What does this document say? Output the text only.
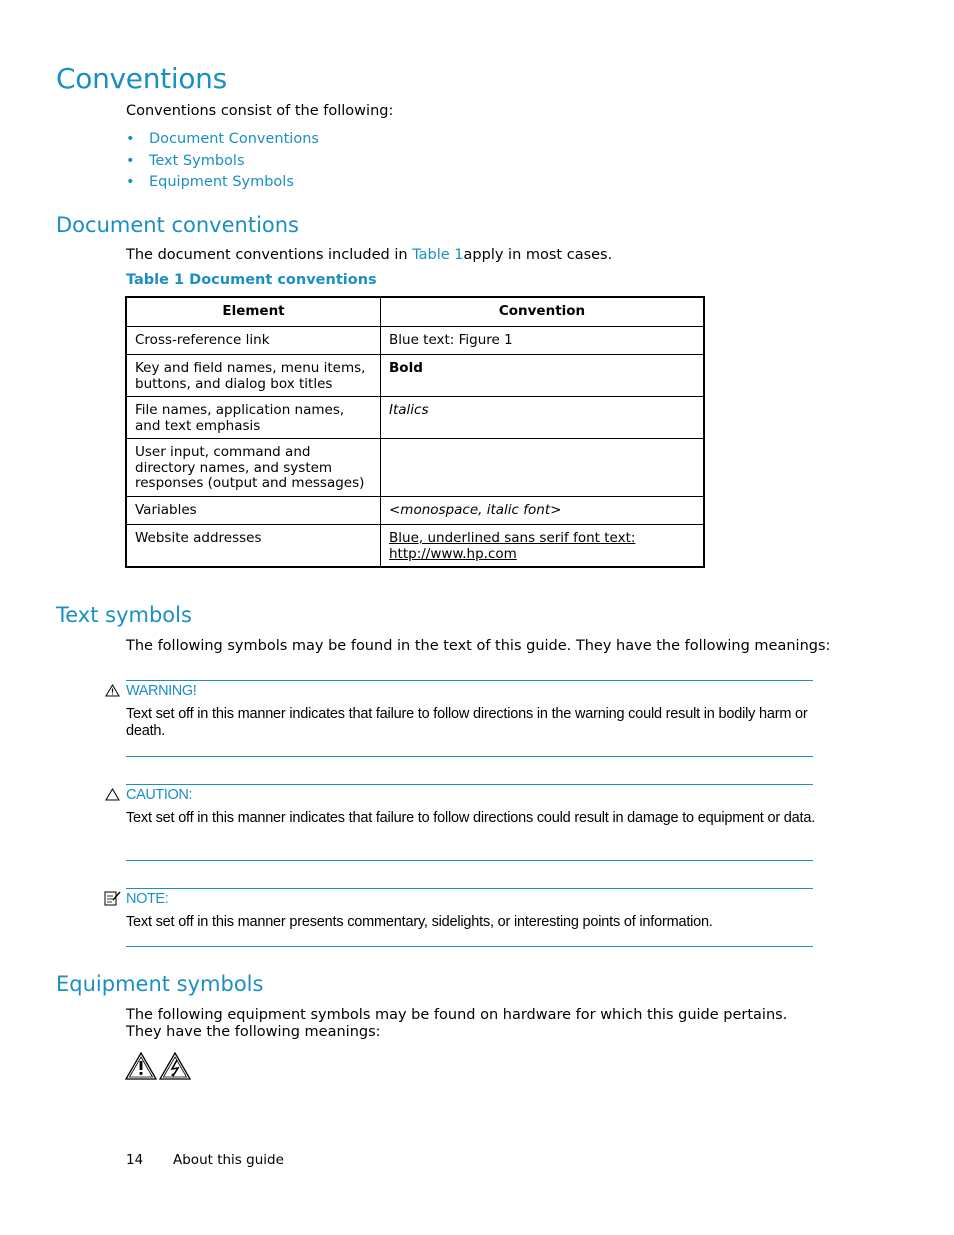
Conventions
Conventions consist of the following:
• Document Conventions
• Text Symbols
• Equipment Symbols
Document conventions
The document conventions included in Table 1apply in most cases.
Table 1 Document conventions
Element	Convention
Cross-reference link	Blue text: Figure 1
Key and field names, menu items, buttons, and dialog box titles	Bold
File names, application names, and text emphasis	Italics
User input, command and directory names, and system responses (output and messages)	
Variables	<monospace, italic font>
Website addresses	Blue, underlined sans serif font text: http://www.hp.com
Text symbols
The following symbols may be found in the text of this guide. They have the following meanings:
WARNING!
Text set off in this manner indicates that failure to follow directions in the warning could result in bodily harm or death.
CAUTION:
Text set off in this manner indicates that failure to follow directions could result in damage to equipment or data.
NOTE:
Text set off in this manner presents commentary, sidelights, or interesting points of information.
Equipment symbols
The following equipment symbols may be found on hardware for which this guide pertains. They have the following meanings:
14 About this guide
